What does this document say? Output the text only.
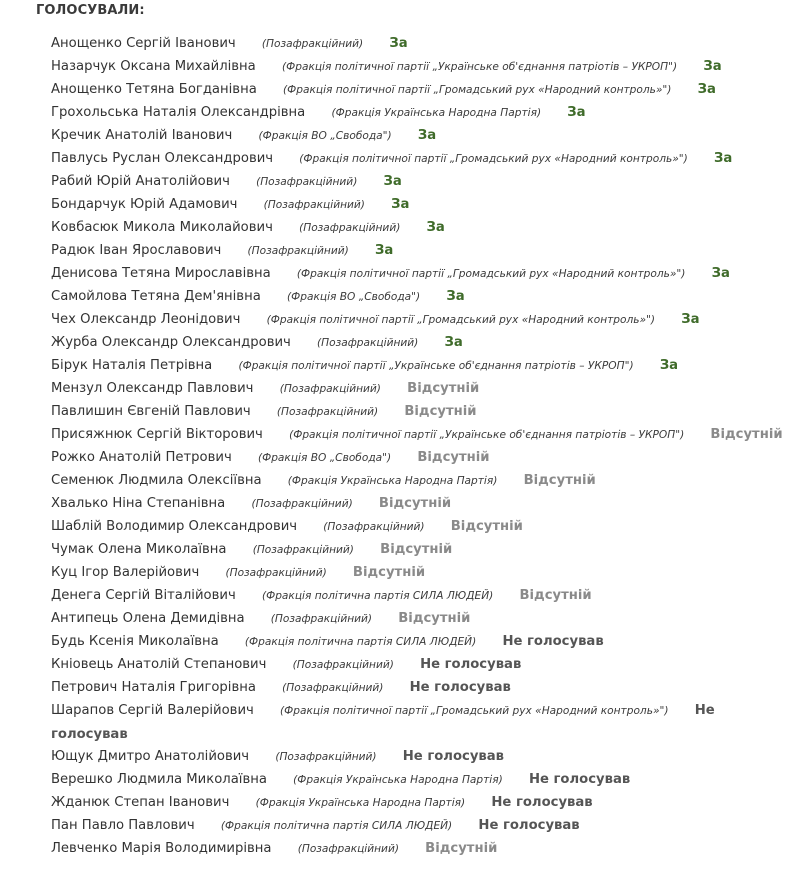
ГОЛОСУВАЛИ:
Анощенко Сергій Іванович (Позафракційний) За
Назарчук Оксана Михайлівна (Фракція політичної партії „Українське об'єднання патріотів – УКРОП") За
Анощенко Тетяна Богданівна (Фракція політичної партії „Громадський рух «Народний контроль»") За
Грохольська Наталія Олександрівна (Фракція Українська Народна Партія) За
Кречик Анатолій Іванович (Фракція ВО „Свобода") За
Павлусь Руслан Олександрович (Фракція політичної партії „Громадський рух «Народний контроль»") За
Рабий Юрій Анатолійович (Позафракційний) За
Бондарчук Юрій Адамович (Позафракційний) За
Ковбасюк Микола Миколайович (Позафракційний) За
Радюк Іван Ярославович (Позафракційний) За
Денисова Тетяна Мирославівна (Фракція політичної партії „Громадський рух «Народний контроль»") За
Самойлова Тетяна Дем'янівна (Фракція ВО „Свобода") За
Чех Олександр Леонідович (Фракція політичної партії „Громадський рух «Народний контроль»") За
Журба Олександр Олександрович (Позафракційний) За
Бірук Наталія Петрівна (Фракція політичної партії „Українське об'єднання патріотів – УКРОП") За
Мензул Олександр Павлович (Позафракційний) Відсутній
Павлишин Євгеній Павлович (Позафракційний) Відсутній
Присяжнюк Сергій Вікторович (Фракція політичної партії „Українське об'єднання патріотів – УКРОП") Відсутній
Рожко Анатолій Петрович (Фракція ВО „Свобода") Відсутній
Семенюк Людмила Олексіївна (Фракція Українська Народна Партія) Відсутній
Хвалько Ніна Степанівна (Позафракційний) Відсутній
Шаблій Володимир Олександрович (Позафракційний) Відсутній
Чумак Олена Миколаївна (Позафракційний) Відсутній
Куц Ігор Валерійович (Позафракційний) Відсутній
Денега Сергій Віталійович (Фракція політична партія СИЛА ЛЮДЕЙ) Відсутній
Антипець Олена Демидівна (Позафракційний) Відсутній
Будь Ксенія Миколаївна (Фракція політична партія СИЛА ЛЮДЕЙ) Не голосував
Кніовець Анатолій Степанович (Позафракційний) Не голосував
Петрович Наталія Григорівна (Позафракційний) Не голосував
Шарапов Сергій Валерійович (Фракція політичної партії „Громадський рух «Народний контроль»") Не голосував
Ющук Дмитро Анатолійович (Позафракційний) Не голосував
Верешко Людмила Миколаївна (Фракція Українська Народна Партія) Не голосував
Жданюк Степан Іванович (Фракція Українська Народна Партія) Не голосував
Пан Павло Павлович (Фракція політична партія СИЛА ЛЮДЕЙ) Не голосував
Левченко Марія Володимирівна (Позафракційний) Відсутній
